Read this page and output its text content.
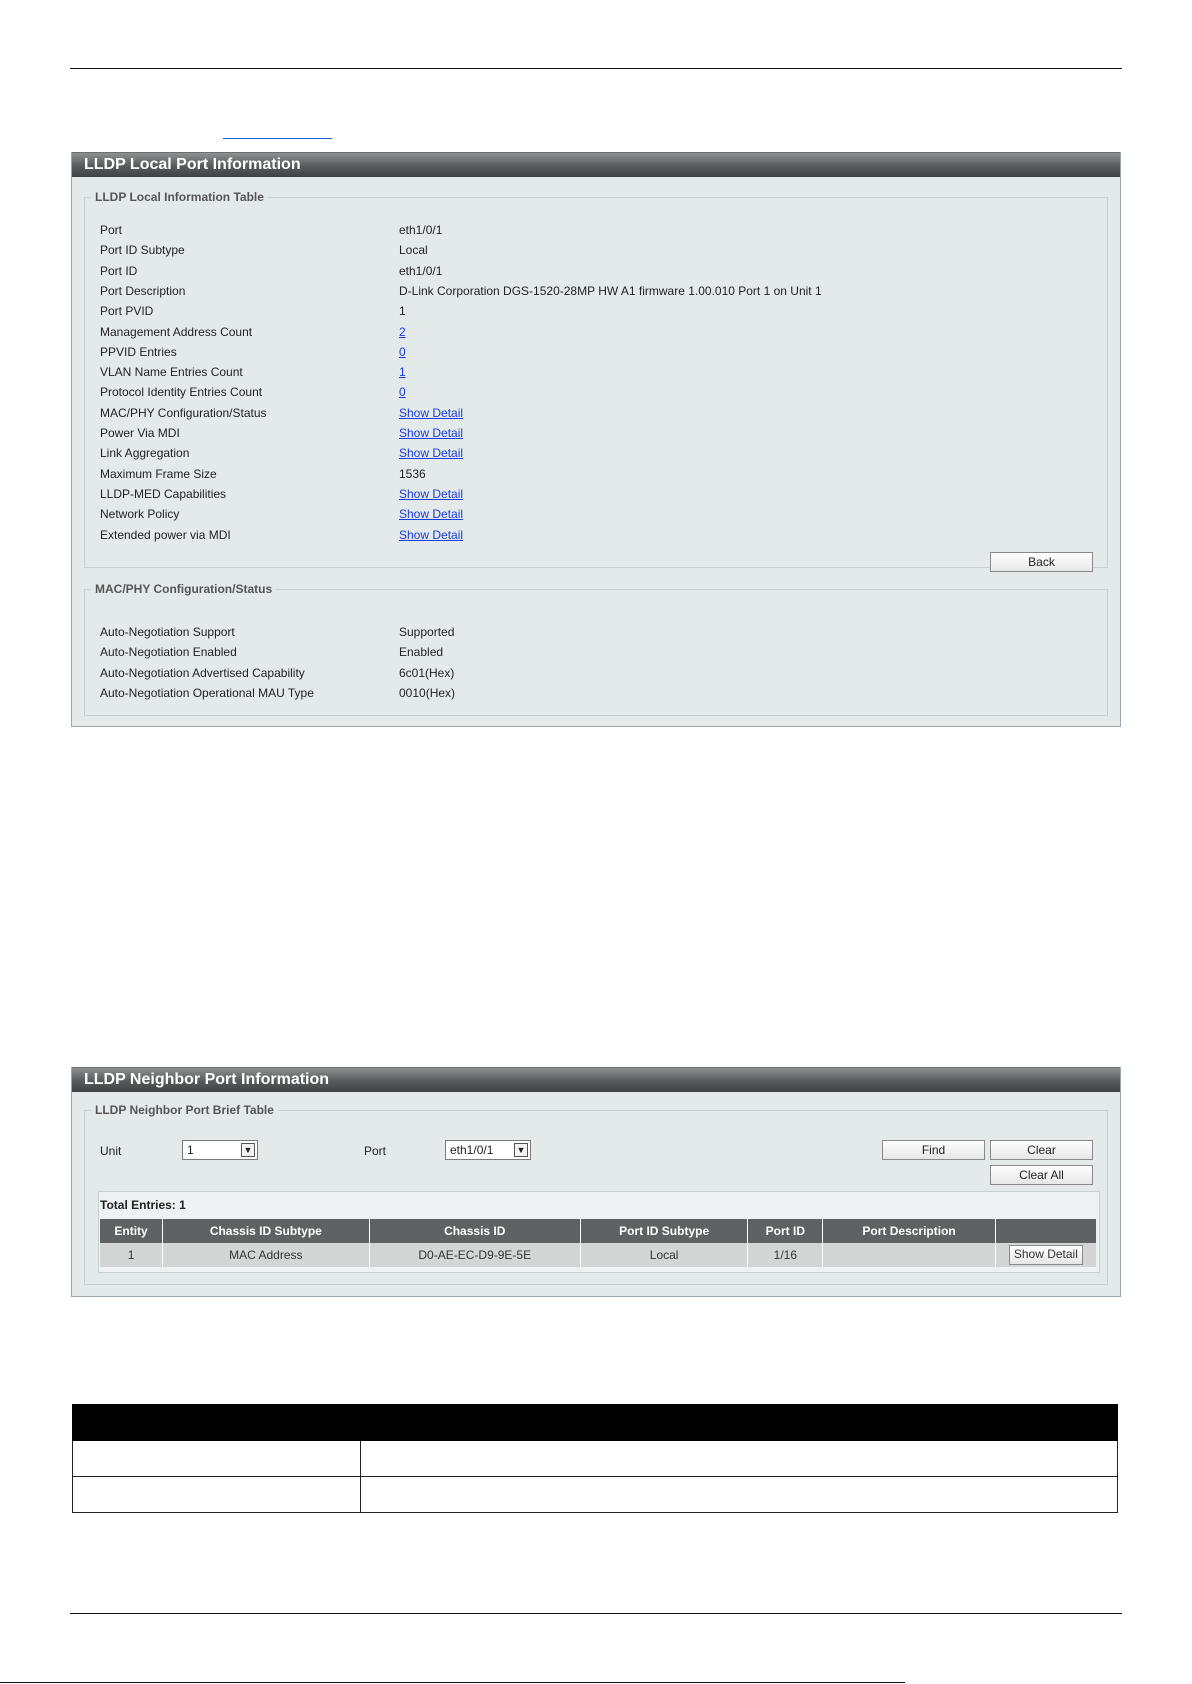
LLDP Local Port Information
LLDP Local Information Table
Port	eth1/0/1
Port ID Subtype	Local
Port ID	eth1/0/1
Port Description	D-Link Corporation DGS-1520-28MP HW A1 firmware 1.00.010 Port 1 on Unit 1
Port PVID	1
Management Address Count	2
PPVID Entries	0
VLAN Name Entries Count	1
Protocol Identity Entries Count	0
MAC/PHY Configuration/Status	Show Detail
Power Via MDI	Show Detail
Link Aggregation	Show Detail
Maximum Frame Size	1536
LLDP-MED Capabilities	Show Detail
Network Policy	Show Detail
Extended power via MDI	Show Detail
Back
MAC/PHY Configuration/Status
Auto-Negotiation Support	Supported
Auto-Negotiation Enabled	Enabled
Auto-Negotiation Advertised Capability	6c01(Hex)
Auto-Negotiation Operational MAU Type	0010(Hex)
LLDP Neighbor Port Information
LLDP Neighbor Port Brief Table
Unit	1	▼	Port	eth1/0/1	▼	Find	Clear
Clear All
Total Entries: 1
Entity	Chassis ID Subtype	Chassis ID	Port ID Subtype	Port ID	Port Description	
1	MAC Address	D0-AE-EC-D9-9E-5E	Local	1/16		Show Detail
